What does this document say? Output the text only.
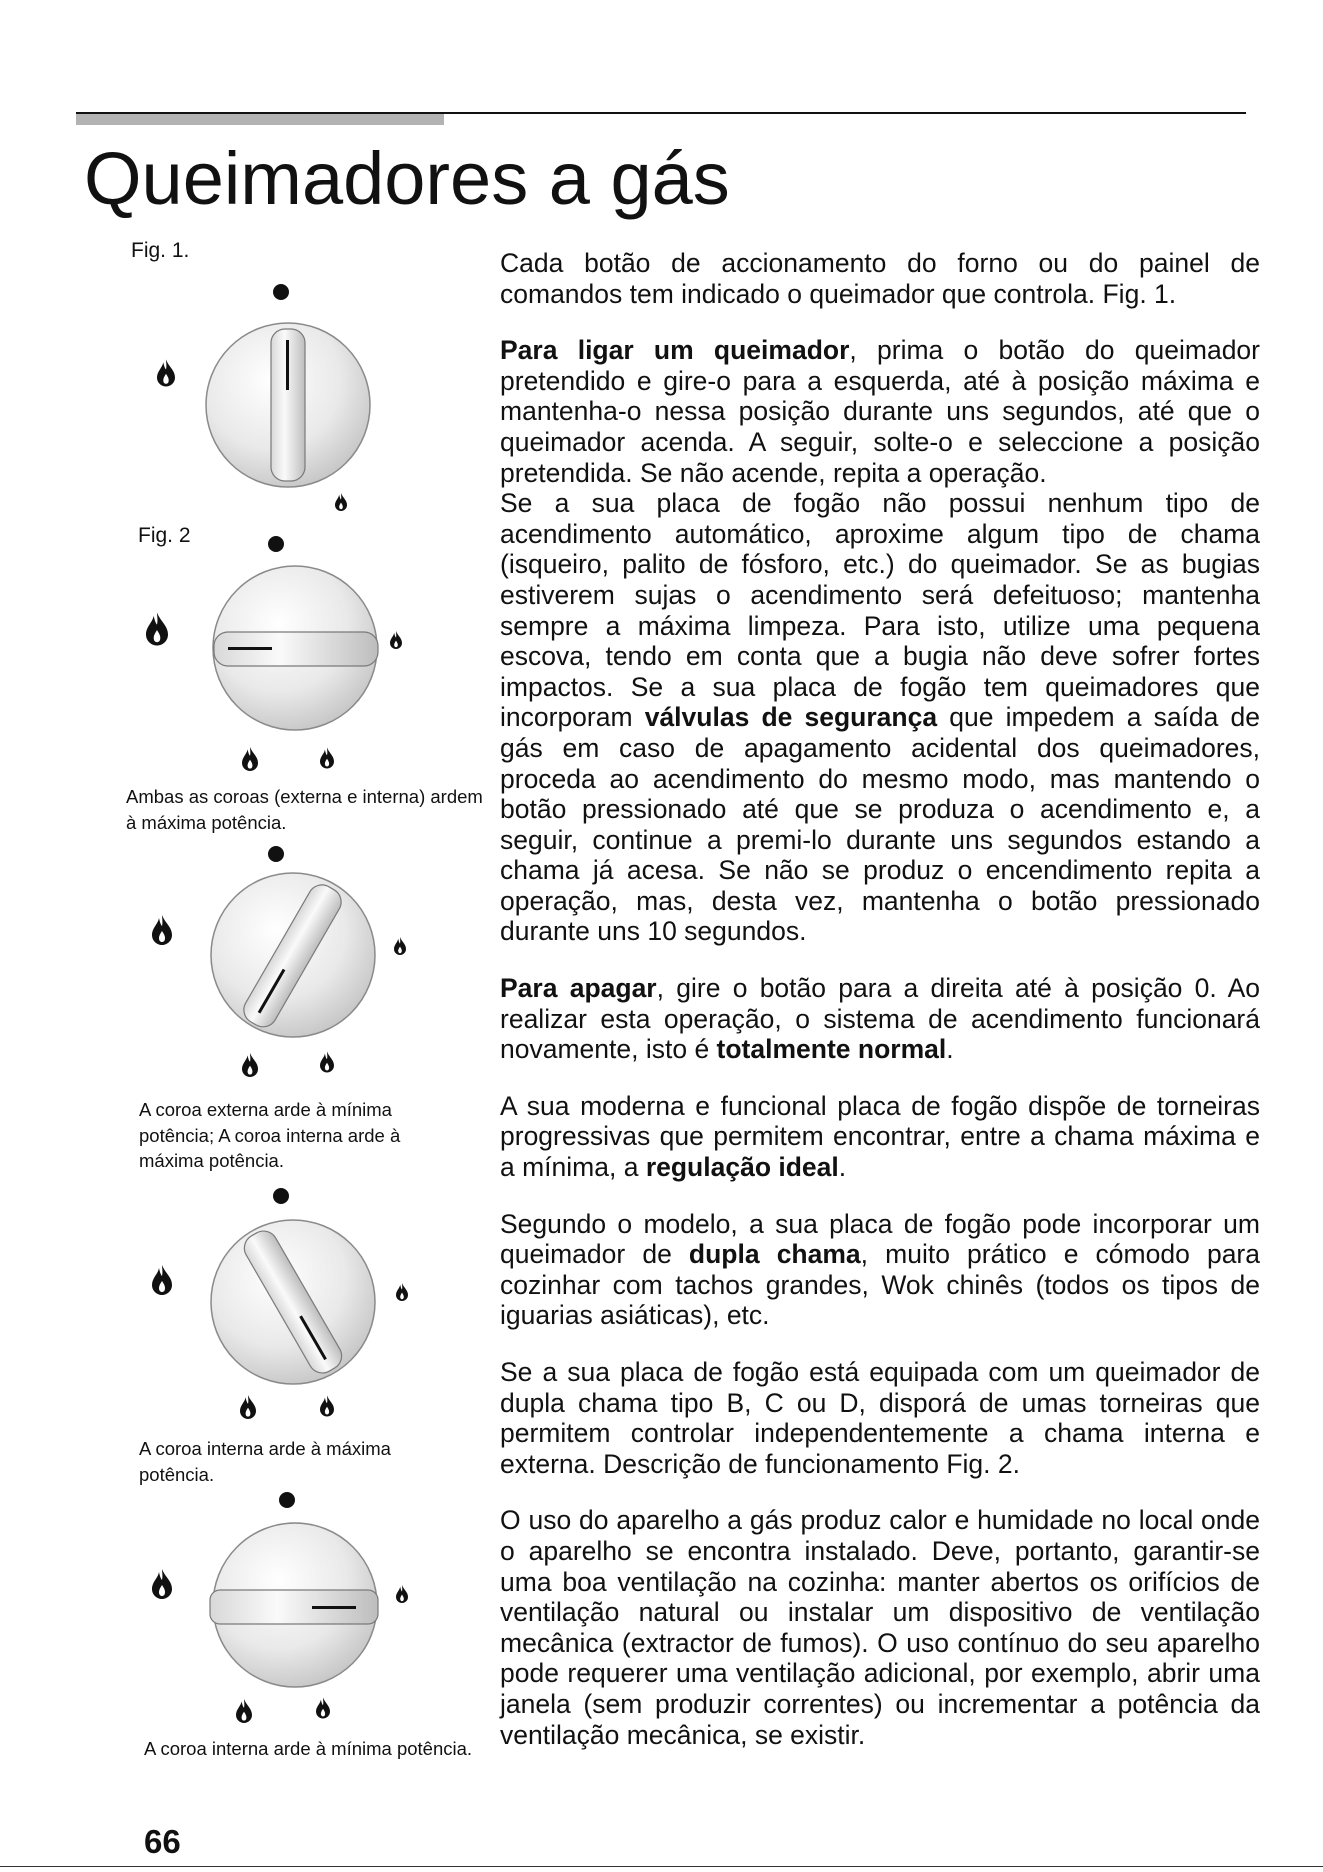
Queimadores a gás
Fig. 1.
Fig. 2
Ambas as coroas (externa e interna) ardem à máxima potência.
A coroa externa arde à mínima potência; A coroa interna arde à máxima potência.
A coroa interna arde à máxima potência.
A coroa interna arde à mínima potência.
66

Cada botão de accionamento do forno ou do painel de comandos tem indicado o queimador que controla. Fig. 1.

Para ligar um queimador, prima o botão do queimador pretendido e gire-o para a esquerda, até à posição máxima e mantenha-o nessa posição durante uns segundos, até que o queimador acenda. A seguir, solte-o e seleccione a posição pretendida. Se não acende, repita a operação.

Se a sua placa de fogão não possui nenhum tipo de acendimento automático, aproxime algum tipo de chama (isqueiro, palito de fósforo, etc.) do queimador. Se as bugias estiverem sujas o acendimento será defeituoso; mantenha sempre a máxima limpeza. Para isto, utilize uma pequena escova, tendo em conta que a bugia não deve sofrer fortes impactos. Se a sua placa de fogão tem queimadores que incorporam válvulas de segurança que impedem a saída de gás em caso de apagamento acidental dos queimadores, proceda ao acendimento do mesmo modo, mas mantendo o botão pressionado até que se produza o acendimento e, a seguir, continue a premi-lo durante uns segundos estando a chama já acesa. Se não se produz o encendimento repita a operação, mas, desta vez, mantenha o botão pressionado durante uns 10 segundos.

Para apagar, gire o botão para a direita até à posição 0. Ao realizar esta operação, o sistema de acendimento funcionará novamente, isto é totalmente normal.

A sua moderna e funcional placa de fogão dispõe de torneiras progressivas que permitem encontrar, entre a chama máxima e a mínima, a regulação ideal.

Segundo o modelo, a sua placa de fogão pode incorporar um queimador de dupla chama, muito prático e cómodo para cozinhar com tachos grandes, Wok chinês (todos os tipos de iguarias asiáticas), etc.

Se a sua placa de fogão está equipada com um queimador de dupla chama tipo B, C ou D, disporá de umas torneiras que permitem controlar independentemente a chama interna e externa. Descrição de funcionamento Fig. 2.

O uso do aparelho a gás produz calor e humidade no local onde o aparelho se encontra instalado. Deve, portanto, garantir-se uma boa ventilação na cozinha: manter abertos os orifícios de ventilação natural ou instalar um dispositivo de ventilação mecânica (extractor de fumos). O uso contínuo do seu aparelho pode requerer uma ventilação adicional, por exemplo, abrir uma janela (sem produzir correntes) ou incrementar a potência da ventilação mecânica, se existir.
